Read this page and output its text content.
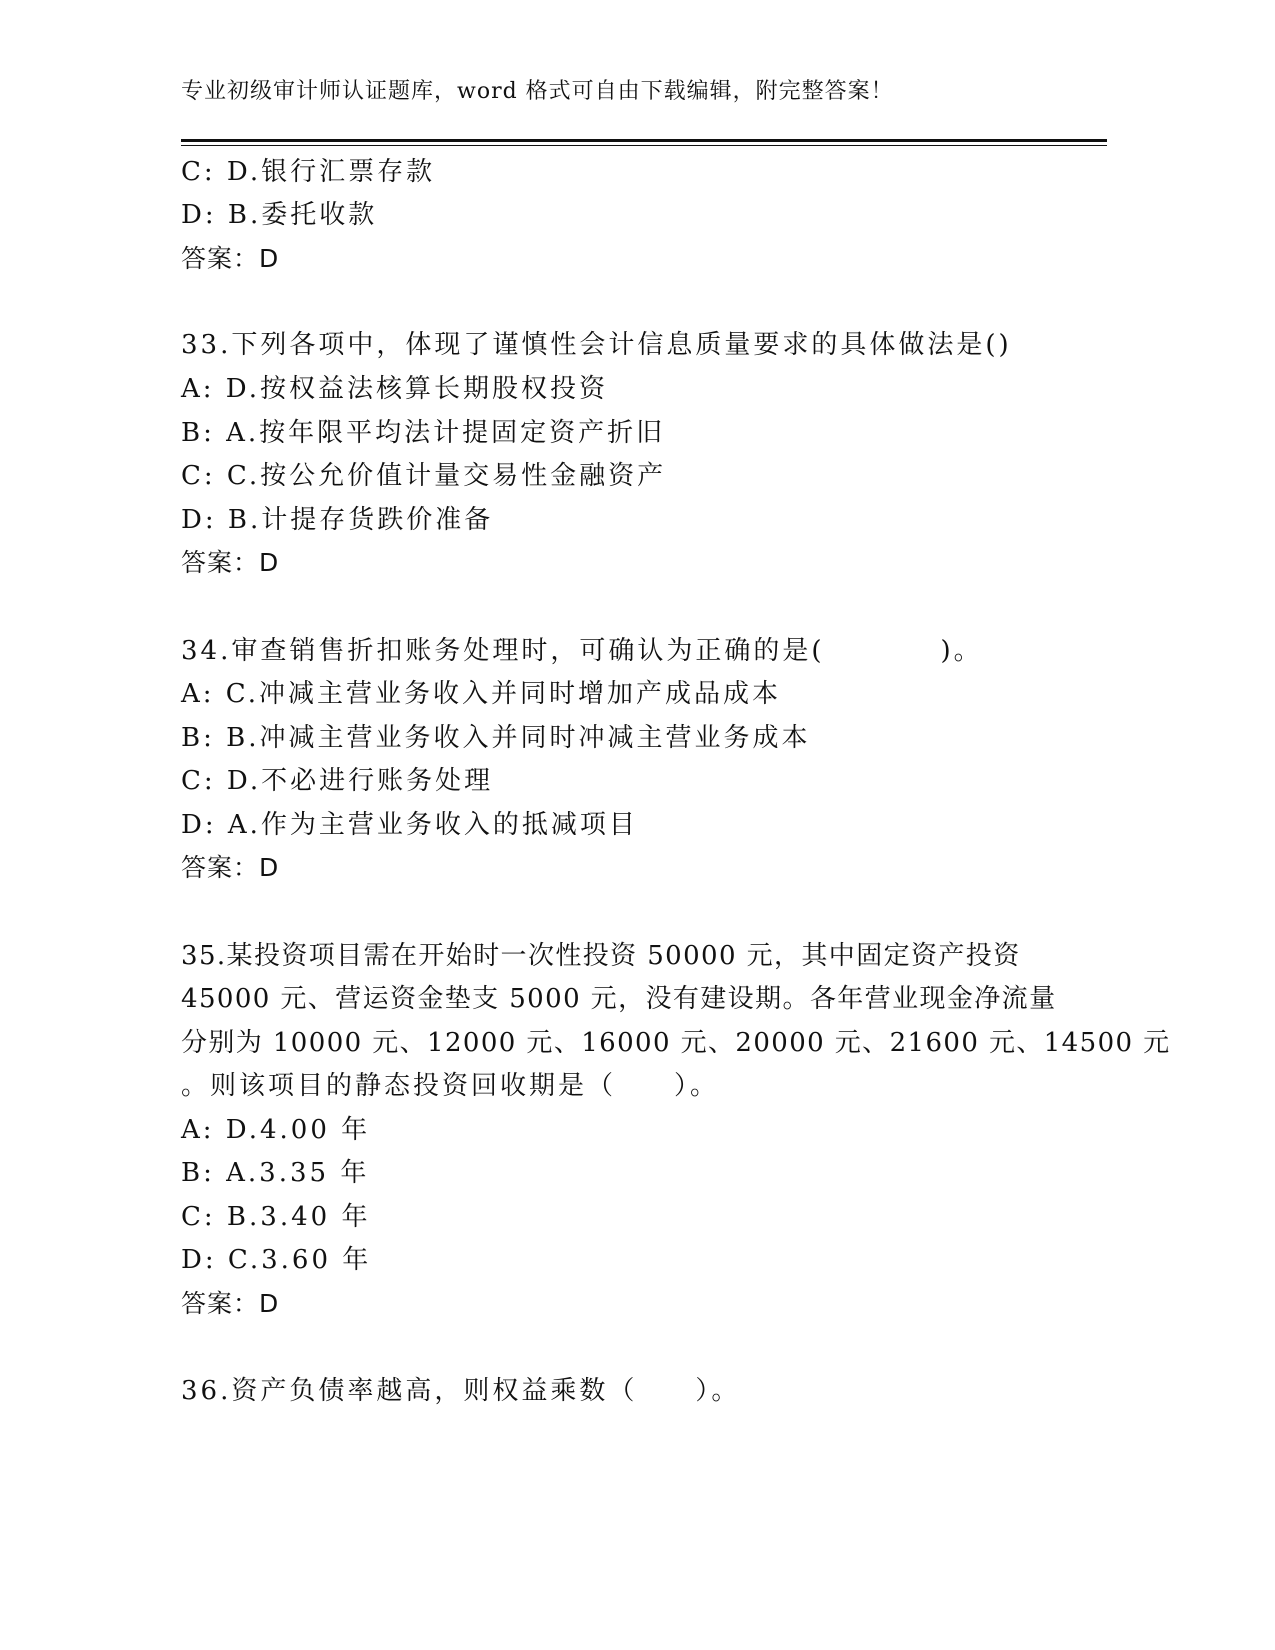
专业初级审计师认证题库，word 格式可自由下载编辑，附完整答案！
C: D.银行汇票存款
D: B.委托收款
答案：D
33.下列各项中，体现了谨慎性会计信息质量要求的具体做法是()
A: D.按权益法核算长期股权投资
B: A.按年限平均法计提固定资产折旧
C: C.按公允价值计量交易性金融资产
D: B.计提存货跌价准备
答案：D
34.审查销售折扣账务处理时，可确认为正确的是(　　　　)。
A: C.冲减主营业务收入并同时增加产成品成本
B: B.冲减主营业务收入并同时冲减主营业务成本
C: D.不必进行账务处理
D: A.作为主营业务收入的抵减项目
答案：D
35.某投资项目需在开始时一次性投资 50000 元，其中固定资产投资
45000 元、营运资金垫支 5000 元，没有建设期。各年营业现金净流量
分别为 10000 元、12000 元、16000 元、20000 元、21600 元、14500 元
。则该项目的静态投资回收期是（　　）。
A: D.4.00 年
B: A.3.35 年
C: B.3.40 年
D: C.3.60 年
答案：D
36.资产负债率越高，则权益乘数（　　）。
